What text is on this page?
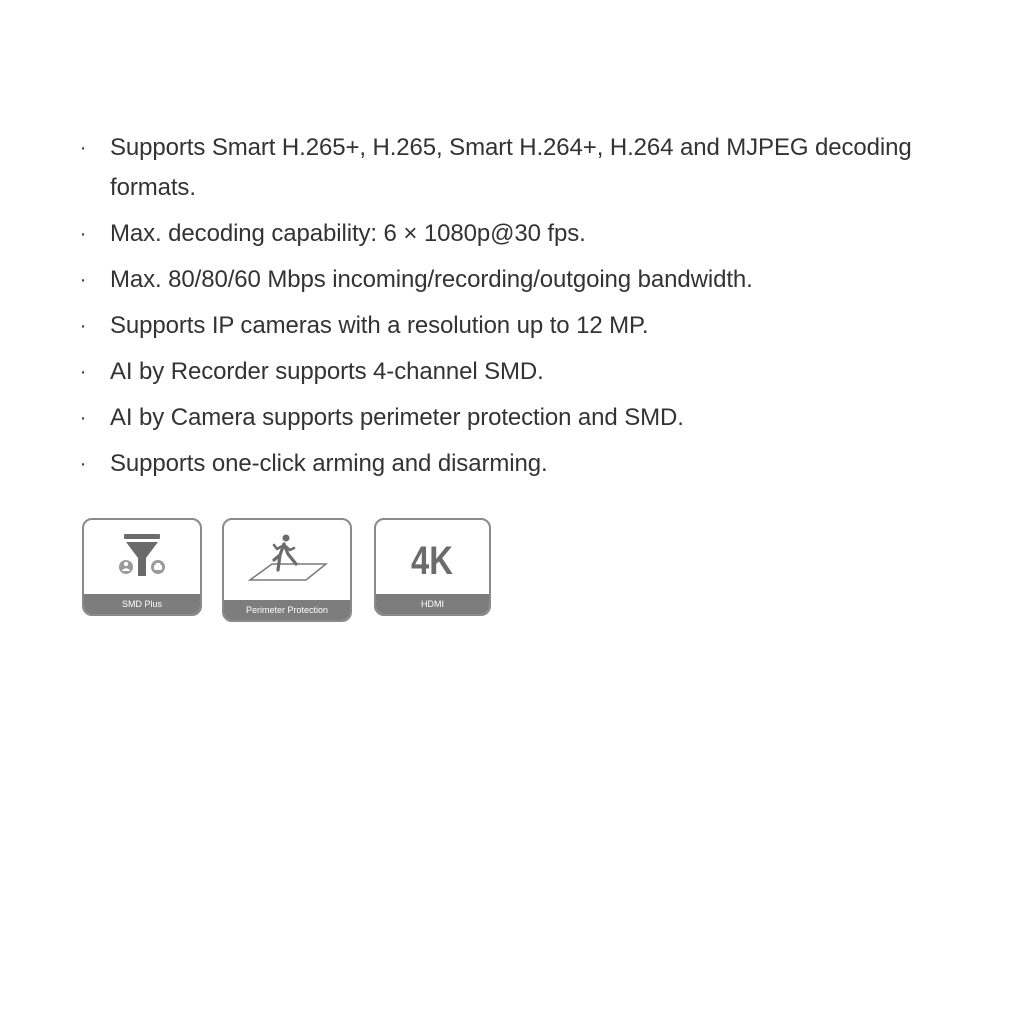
· Supports Smart H.265+, H.265, Smart H.264+, H.264 and MJPEG decoding formats.
· Max. decoding capability: 6 × 1080p@30 fps.
· Max. 80/80/60 Mbps incoming/recording/outgoing bandwidth.
· Supports IP cameras with a resolution up to 12 MP.
· AI by Recorder supports 4-channel SMD.
· AI by Camera supports perimeter protection and SMD.
· Supports one-click arming and disarming.
SMD Plus
Perimeter Protection
4K
HDMI
